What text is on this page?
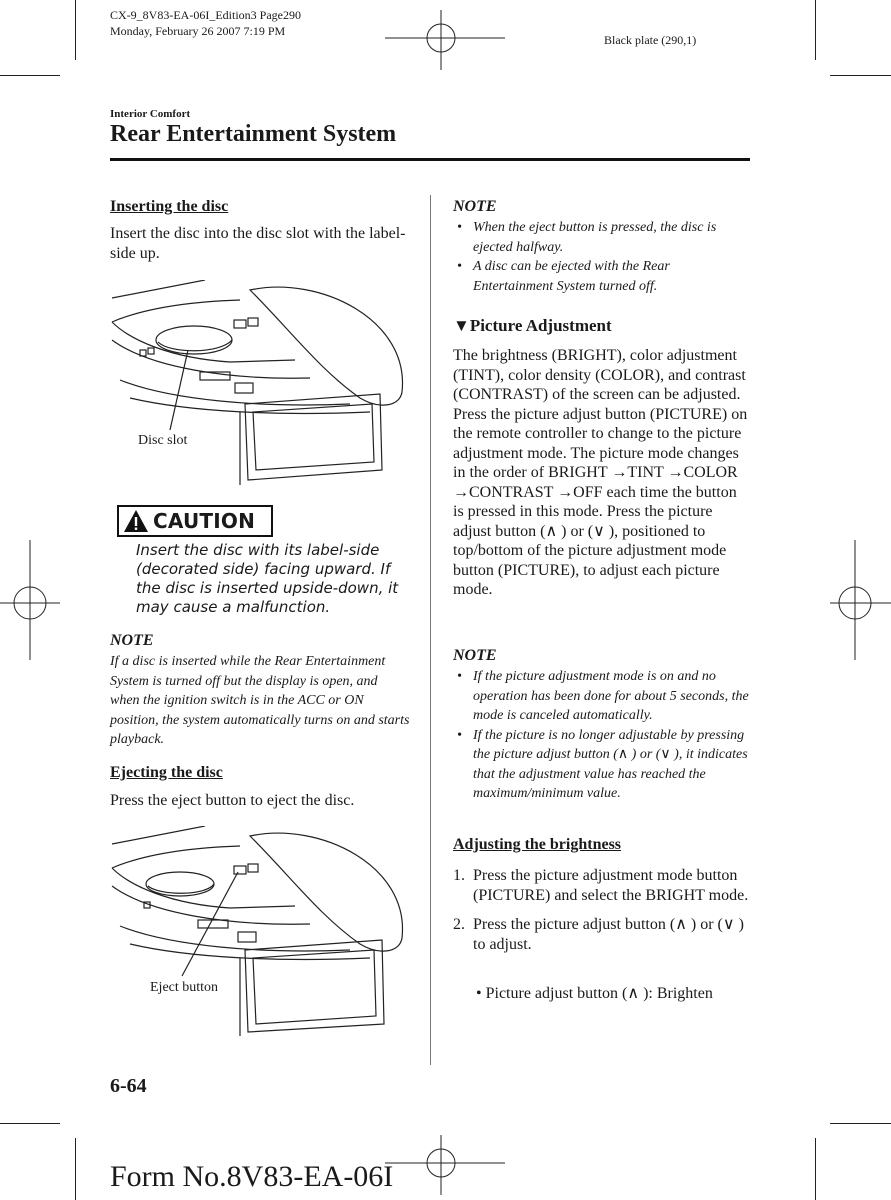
CX-9_8V83-EA-06I_Edition3 Page290
Monday, February 26 2007 7:19 PM
Black plate (290,1)
Interior Comfort
Rear Entertainment System
Inserting the disc
Insert the disc into the disc slot with the label-side up.
Disc slot
CAUTION
Insert the disc with its label-side (decorated side) facing upward. If the disc is inserted upside-down, it may cause a malfunction.
NOTE
If a disc is inserted while the Rear Entertainment System is turned off but the display is open, and when the ignition switch is in the ACC or ON position, the system automatically turns on and starts playback.
Ejecting the disc
Press the eject button to eject the disc.
Eject button
NOTE
• When the eject button is pressed, the disc is ejected halfway.
• A disc can be ejected with the Rear Entertainment System turned off.
▼Picture Adjustment
The brightness (BRIGHT), color adjustment (TINT), color density (COLOR), and contrast (CONTRAST) of the screen can be adjusted. Press the picture adjust button (PICTURE) on the remote controller to change to the picture adjustment mode. The picture mode changes in the order of BRIGHT →TINT →COLOR →CONTRAST →OFF each time the button is pressed in this mode. Press the picture adjust button (∧ ) or (∨ ), positioned to top/bottom of the picture adjustment mode button (PICTURE), to adjust each picture mode.
NOTE
• If the picture adjustment mode is on and no operation has been done for about 5 seconds, the mode is canceled automatically.
• If the picture is no longer adjustable by pressing the picture adjust button (∧ ) or (∨ ), it indicates that the adjustment value has reached the maximum/minimum value.
Adjusting the brightness
1. Press the picture adjustment mode button (PICTURE) and select the BRIGHT mode.
2. Press the picture adjust button (∧ ) or (∨ ) to adjust.
• Picture adjust button (∧ ): Brighten
6-64
Form No.8V83-EA-06I
